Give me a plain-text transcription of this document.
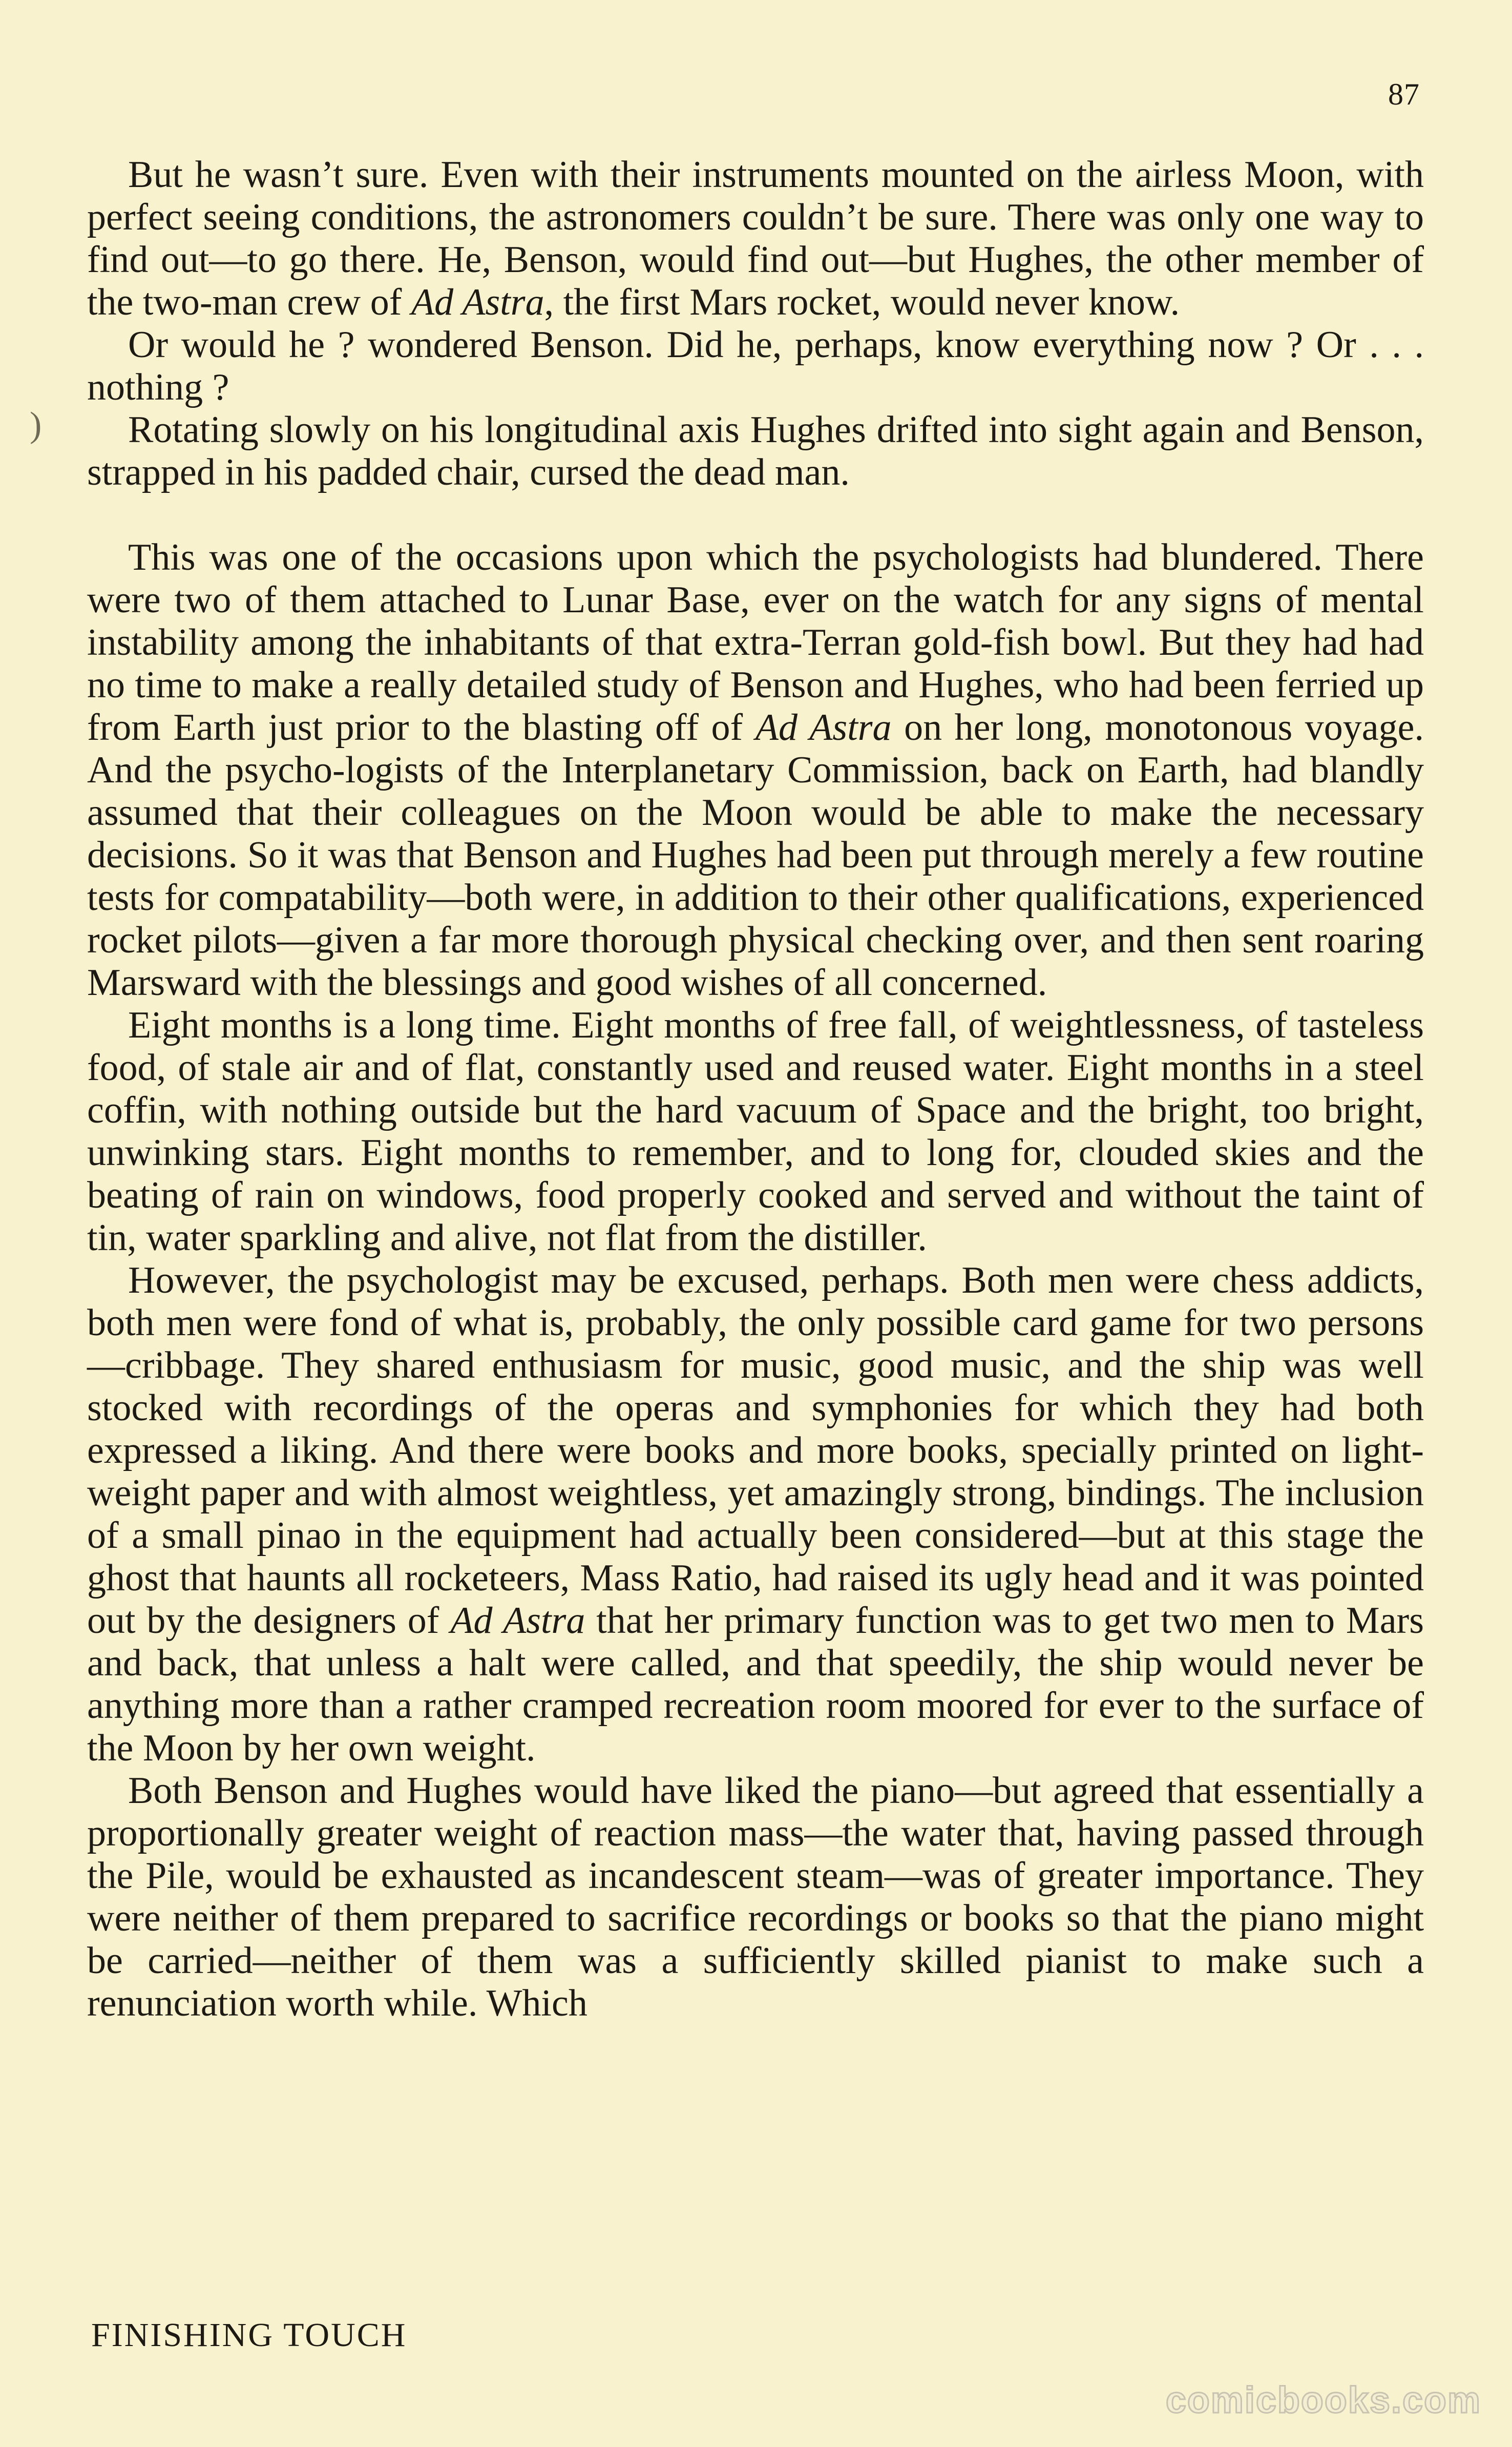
87
)

But he wasn’t sure. Even with their instruments mounted on the airless Moon, with perfect seeing conditions, the astronomers couldn’t be sure. There was only one way to find out—to go there. He, Benson, would find out—but Hughes, the other member of the two-man crew of Ad Astra, the first Mars rocket, would never know.

Or would he ? wondered Benson. Did he, perhaps, know everything now ? Or . . . nothing ?

Rotating slowly on his longitudinal axis Hughes drifted into sight again and Benson, strapped in his padded chair, cursed the dead man.

This was one of the occasions upon which the psychologists had blundered. There were two of them attached to Lunar Base, ever on the watch for any signs of mental instability among the inhabitants of that extra-Terran gold-fish bowl. But they had had no time to make a really detailed study of Benson and Hughes, who had been ferried up from Earth just prior to the blasting off of Ad Astra on her long, monotonous voyage. And the psycho-logists of the Interplanetary Commission, back on Earth, had blandly assumed that their colleagues on the Moon would be able to make the necessary decisions. So it was that Benson and Hughes had been put through merely a few routine tests for compatability—both were, in addition to their other qualifications, experienced rocket pilots—given a far more thorough physical checking over, and then sent roaring Marsward with the blessings and good wishes of all concerned.

Eight months is a long time. Eight months of free fall, of weightlessness, of tasteless food, of stale air and of flat, constantly used and reused water. Eight months in a steel coffin, with nothing outside but the hard vacuum of Space and the bright, too bright, unwinking stars. Eight months to remember, and to long for, clouded skies and the beating of rain on windows, food properly cooked and served and without the taint of tin, water sparkling and alive, not flat from the distiller.

However, the psychologist may be excused, perhaps. Both men were chess addicts, both men were fond of what is, probably, the only possible card game for two persons—cribbage. They shared enthusiasm for music, good music, and the ship was well stocked with recordings of the operas and symphonies for which they had both expressed a liking. And there were books and more books, specially printed on light-weight paper and with almost weightless, yet amazingly strong, bindings. The inclusion of a small pinao in the equipment had actually been considered—but at this stage the ghost that haunts all rocketeers, Mass Ratio, had raised its ugly head and it was pointed out by the designers of Ad Astra that her primary function was to get two men to Mars and back, that unless a halt were called, and that speedily, the ship would never be anything more than a rather cramped recreation room moored for ever to the surface of the Moon by her own weight.

Both Benson and Hughes would have liked the piano—but agreed that essentially a proportionally greater weight of reaction mass—the water that, having passed through the Pile, would be exhausted as incandescent steam—was of greater importance. They were neither of them prepared to sacrifice recordings or books so that the piano might be carried—neither of them was a sufficiently skilled pianist to make such a renunciation worth while. Which

FINISHING TOUCH
comicbooks.com
